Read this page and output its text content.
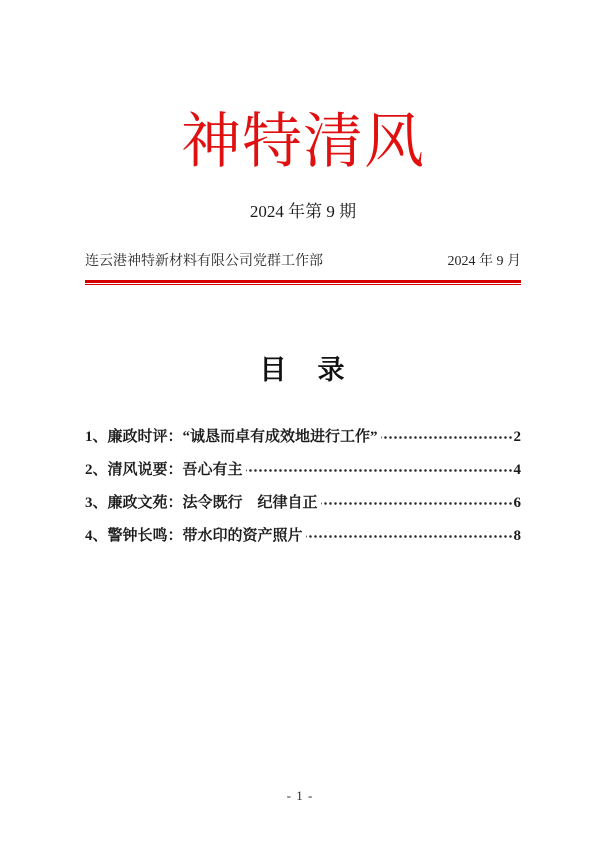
神特清风
2024 年第 9 期
连云港神特新材料有限公司党群工作部	2024 年 9 月
目　录
1、廉政时评：“诚恳而卓有成效地进行工作”	2
2、清风说要：吾心有主	4
3、廉政文苑：法令既行　纪律自正	6
4、警钟长鸣：带水印的资产照片	8
- 1 -
